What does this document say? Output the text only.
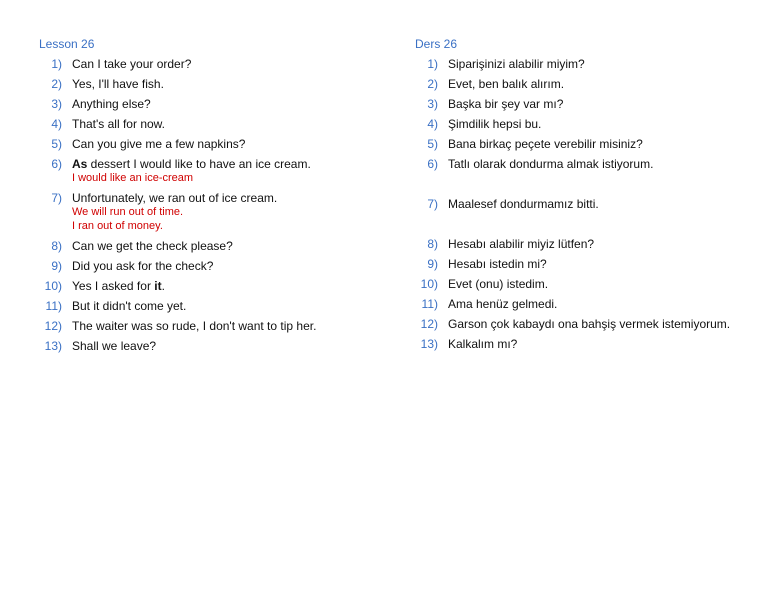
Lesson 26
1) Can I take your order?
2) Yes, I'll have fish.
3) Anything else?
4) That's all for now.
5) Can you give me a few napkins?
6) As dessert I would like to have an ice cream.
I would like an ice-cream
7) Unfortunately, we ran out of ice cream.
We will run out of time.
I ran out of money.
8) Can we get the check please?
9) Did you ask for the check?
10) Yes I asked for it.
11) But it didn't come yet.
12) The waiter was so rude, I don't want to tip her.
13) Shall we leave?
Ders 26
1) Siparişinizi alabilir miyim?
2) Evet, ben balık alırım.
3) Başka bir şey var mı?
4) Şimdilik hepsi bu.
5) Bana birkaç peçete verebilir misiniz?
6) Tatlı olarak dondurma almak istiyorum.
7) Maalesef dondurmamız bitti.
8) Hesabı alabilir miyiz lütfen?
9) Hesabı istedin mi?
10) Evet (onu) istedim.
11) Ama henüz gelmedi.
12) Garson çok kabaydı ona bahşiş vermek istemiyorum.
13) Kalkalım mı?
